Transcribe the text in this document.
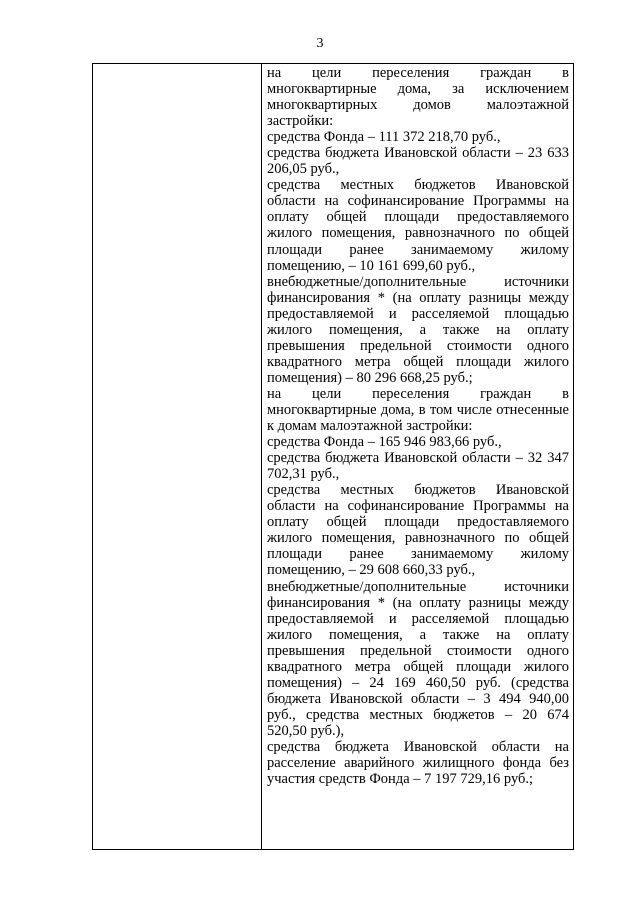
3

на цели переселения граждан в многоквартирные дома, за исключением многоквартирных домов малоэтажной застройки:

средства Фонда – 111 372 218,70 руб.,

средства бюджета Ивановской области – 23 633 206,05 руб.,

средства местных бюджетов Ивановской области на софинансирование Программы на оплату общей площади предоставляемого жилого помещения, равнозначного по общей площади ранее занимаемому жилому помещению, – 10 161 699,60 руб.,

внебюджетные/дополнительные источники финансирования * (на оплату разницы между предоставляемой и расселяемой площадью жилого помещения, а также на оплату превышения предельной стоимости одного квадратного метра общей площади жилого помещения) – 80 296 668,25 руб.;

на цели переселения граждан в многоквартирные дома, в том числе отнесенные к домам малоэтажной застройки:

средства Фонда – 165 946 983,66 руб.,

средства бюджета Ивановской области – 32 347 702,31 руб.,

средства местных бюджетов Ивановской области на софинансирование Программы на оплату общей площади предоставляемого жилого помещения, равнозначного по общей площади ранее занимаемому жилому помещению, – 29 608 660,33 руб.,

внебюджетные/дополнительные источники финансирования * (на оплату разницы между предоставляемой и расселяемой площадью жилого помещения, а также на оплату превышения предельной стоимости одного квадратного метра общей площади жилого помещения) – 24 169 460,50 руб. (средства бюджета Ивановской области – 3 494 940,00 руб., средства местных бюджетов – 20 674 520,50 руб.),

средства бюджета Ивановской области на расселение аварийного жилищного фонда без участия средств Фонда – 7 197 729,16 руб.;
